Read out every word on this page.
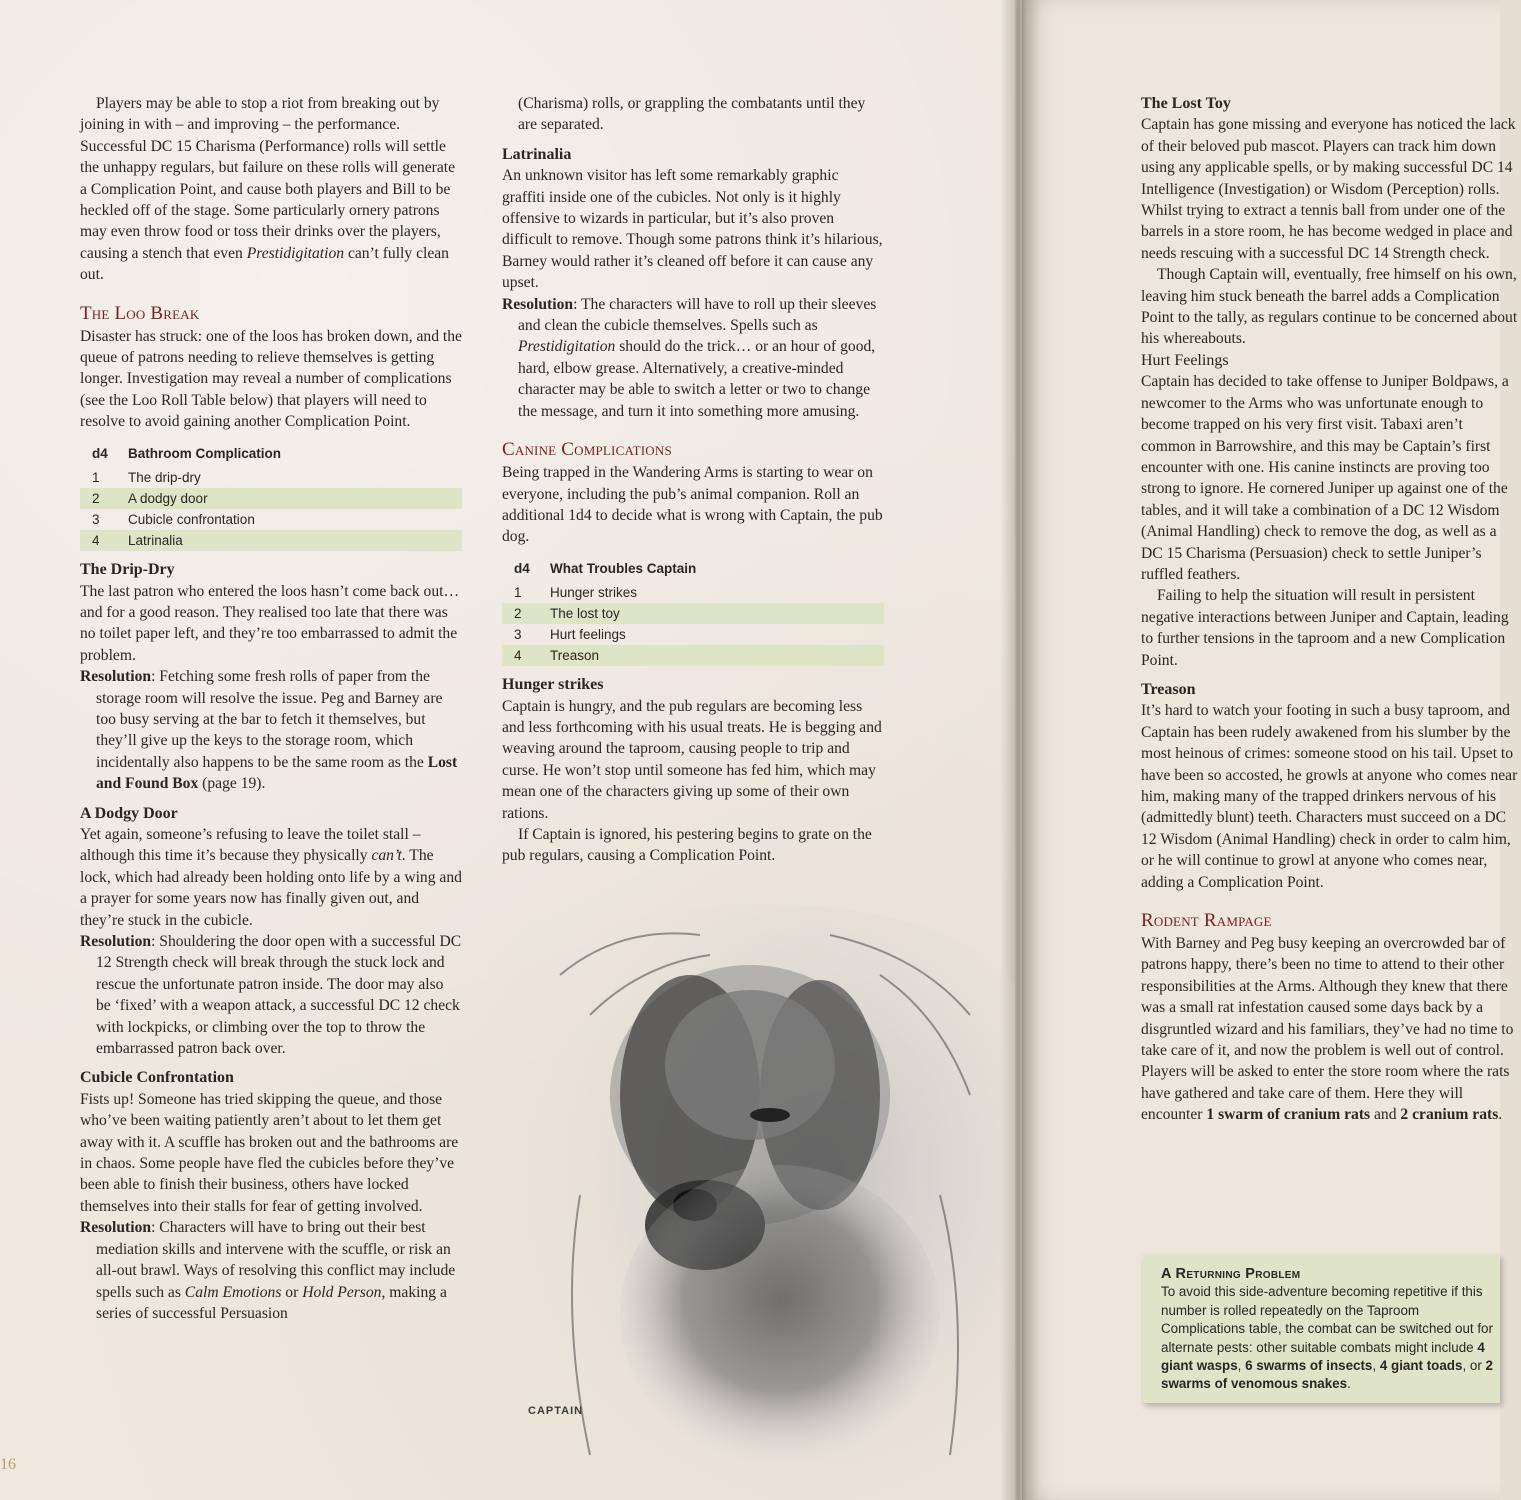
Players may be able to stop a riot from breaking out by joining in with – and improving – the performance. Successful DC 15 Charisma (Performance) rolls will settle the unhappy regulars, but failure on these rolls will generate a Complication Point, and cause both players and Bill to be heckled off of the stage. Some particularly ornery patrons may even throw food or toss their drinks over the players, causing a stench that even Prestidigitation can’t fully clean out.

The Loo Break

Disaster has struck: one of the loos has broken down, and the queue of patrons needing to relieve themselves is getting longer. Investigation may reveal a number of complications (see the Loo Roll Table below) that players will need to resolve to avoid gaining another Complication Point.

d4	Bathroom Complication
1	The drip-dry
2	A dodgy door
3	Cubicle confrontation
4	Latrinalia
The Drip-Dry

The last patron who entered the loos hasn’t come back out… and for a good reason. They realised too late that there was no toilet paper left, and they’re too embarrassed to admit the problem.

Resolution: Fetching some fresh rolls of paper from the storage room will resolve the issue. Peg and Barney are too busy serving at the bar to fetch it themselves, but they’ll give up the keys to the storage room, which incidentally also happens to be the same room as the Lost and Found Box (page 19).

A Dodgy Door

Yet again, someone’s refusing to leave the toilet stall – although this time it’s because they physically can’t. The lock, which had already been holding onto life by a wing and a prayer for some years now has finally given out, and they’re stuck in the cubicle.

Resolution: Shouldering the door open with a successful DC 12 Strength check will break through the stuck lock and rescue the unfortunate patron inside. The door may also be ‘fixed’ with a weapon attack, a successful DC 12 check with lockpicks, or climbing over the top to throw the embarrassed patron back over.

Cubicle Confrontation

Fists up! Someone has tried skipping the queue, and those who’ve been waiting patiently aren’t about to let them get away with it. A scuffle has broken out and the bathrooms are in chaos. Some people have fled the cubicles before they’ve been able to finish their business, others have locked themselves into their stalls for fear of getting involved.

Resolution: Characters will have to bring out their best mediation skills and intervene with the scuffle, or risk an all-out brawl. Ways of resolving this conflict may include spells such as Calm Emotions or Hold Person, making a series of successful Persuasion

(Charisma) rolls, or grappling the combatants until they are separated.

Latrinalia

An unknown visitor has left some remarkably graphic graffiti inside one of the cubicles. Not only is it highly offensive to wizards in particular, but it’s also proven difficult to remove. Though some patrons think it’s hilarious, Barney would rather it’s cleaned off before it can cause any upset.

Resolution: The characters will have to roll up their sleeves and clean the cubicle themselves. Spells such as Prestidigitation should do the trick… or an hour of good, hard, elbow grease. Alternatively, a creative-minded character may be able to switch a letter or two to change the message, and turn it into something more amusing.

Canine Complications

Being trapped in the Wandering Arms is starting to wear on everyone, including the pub’s animal companion. Roll an additional 1d4 to decide what is wrong with Captain, the pub dog.

d4	What Troubles Captain
1	Hunger strikes
2	The lost toy
3	Hurt feelings
4	Treason
Hunger strikes

Captain is hungry, and the pub regulars are becoming less and less forthcoming with his usual treats. He is begging and weaving around the taproom, causing people to trip and curse. He won’t stop until someone has fed him, which may mean one of the characters giving up some of their own rations.

If Captain is ignored, his pestering begins to grate on the pub regulars, causing a Complication Point.

CAPTAIN
16
The Lost Toy

Captain has gone missing and everyone has noticed the lack of their beloved pub mascot. Players can track him down using any applicable spells, or by making successful DC 14 Intelligence (Investigation) or Wisdom (Perception) rolls. Whilst trying to extract a tennis ball from under one of the barrels in a store room, he has become wedged in place and needs rescuing with a successful DC 14 Strength check.

Though Captain will, eventually, free himself on his own, leaving him stuck beneath the barrel adds a Complication Point to the tally, as regulars continue to be concerned about his whereabouts.

Hurt Feelings

Captain has decided to take offense to Juniper Boldpaws, a newcomer to the Arms who was unfortunate enough to become trapped on his very first visit. Tabaxi aren’t common in Barrowshire, and this may be Captain’s first encounter with one. His canine instincts are proving too strong to ignore. He cornered Juniper up against one of the tables, and it will take a combination of a DC 12 Wisdom (Animal Handling) check to remove the dog, as well as a DC 15 Charisma (Persuasion) check to settle Juniper’s ruffled feathers.

Failing to help the situation will result in persistent negative interactions between Juniper and Captain, leading to further tensions in the taproom and a new Complication Point.

Treason

It’s hard to watch your footing in such a busy taproom, and Captain has been rudely awakened from his slumber by the most heinous of crimes: someone stood on his tail. Upset to have been so accosted, he growls at anyone who comes near him, making many of the trapped drinkers nervous of his (admittedly blunt) teeth. Characters must succeed on a DC 12 Wisdom (Animal Handling) check in order to calm him, or he will continue to growl at anyone who comes near, adding a Complication Point.

Rodent Rampage

With Barney and Peg busy keeping an overcrowded bar of patrons happy, there’s been no time to attend to their other responsibilities at the Arms. Although they knew that there was a small rat infestation caused some days back by a disgruntled wizard and his familiars, they’ve had no time to take care of it, and now the problem is well out of control. Players will be asked to enter the store room where the rats have gathered and take care of them. Here they will encounter 1 swarm of cranium rats and 2 cranium rats.

A Returning Problem

To avoid this side-adventure becoming repetitive if this number is rolled repeatedly on the Taproom Complications table, the combat can be switched out for alternate pests: other suitable combats might include 4 giant wasps, 6 swarms of insects, 4 giant toads, or 2 swarms of venomous snakes.
